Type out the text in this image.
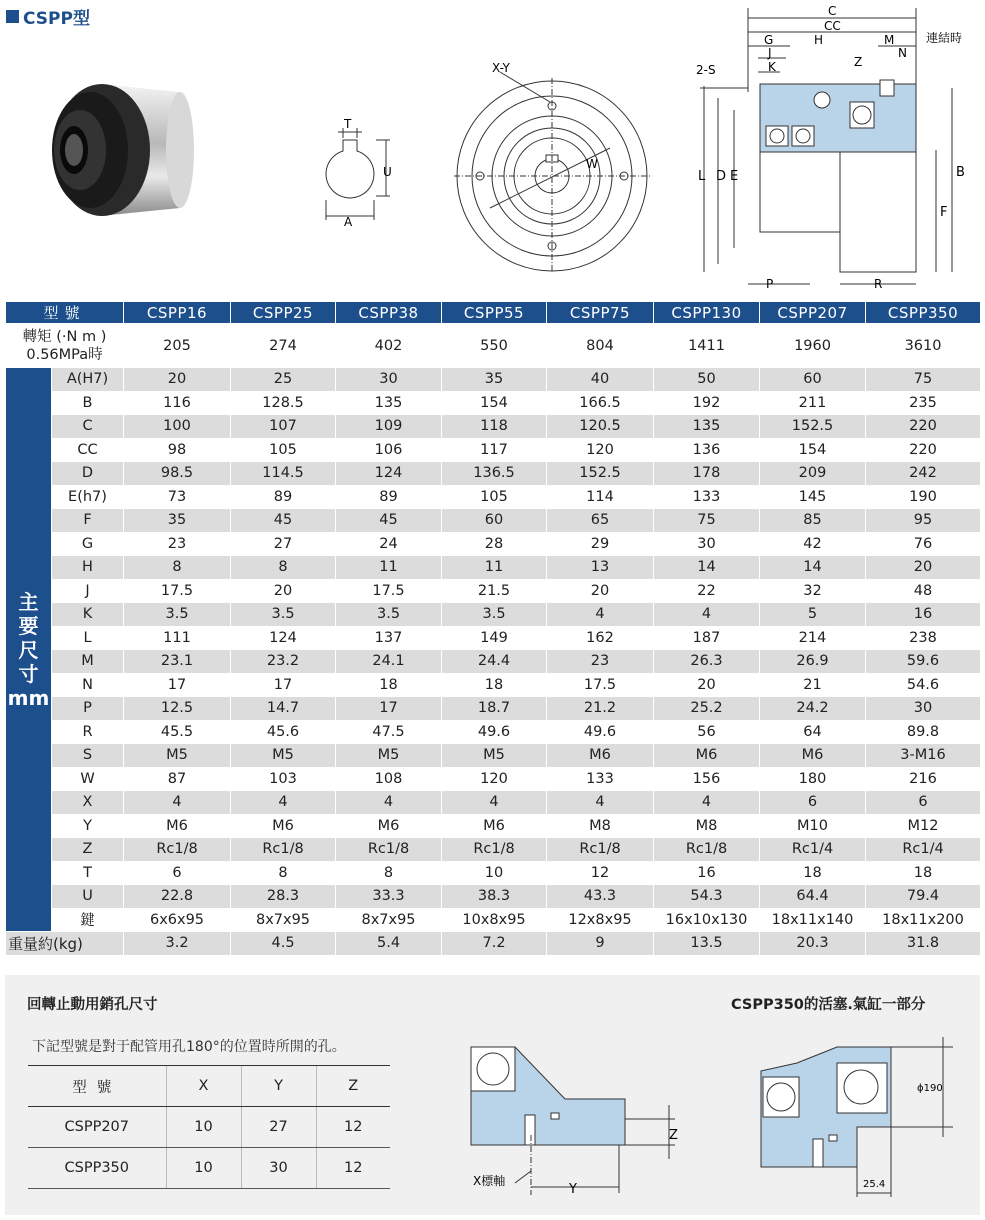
CSPP型
T
U
A
X-Y
W
C
CC
G	H
J
K
2-S
M
N
Z
連結時
L D E	B
F
P	R
型號		CSPP16	CSPP25	CSPP38	CSPP55	CSPP75	CSPP130	CSPP207	CSPP350

轉矩 (·N m )
0.56MPa時		205	274	402	550	804	1411	1960	3610

主
要
尺
寸
mm	A(H7)	20	25	30	35	40	50	60	75
	B	116	128.5	135	154	166.5	192	211	235
	C	100	107	109	118	120.5	135	152.5	220
	CC	98	105	106	117	120	136	154	220
	D	98.5	114.5	124	136.5	152.5	178	209	242
	E(h7)	73	89	89	105	114	133	145	190
	F	35	45	45	60	65	75	85	95
	G	23	27	24	28	29	30	42	76
	H	8	8	11	11	13	14	14	20
	J	17.5	20	17.5	21.5	20	22	32	48
	K	3.5	3.5	3.5	3.5	4	4	5	16
	L	111	124	137	149	162	187	214	238
	M	23.1	23.2	24.1	24.4	23	26.3	26.9	59.6
	N	17	17	18	18	17.5	20	21	54.6
	P	12.5	14.7	17	18.7	21.2	25.2	24.2	30
	R	45.5	45.6	47.5	49.6	49.6	56	64	89.8
	S	M5	M5	M5	M5	M6	M6	M6	3-M16
	W	87	103	108	120	133	156	180	216
	X	4	4	4	4	4	4	6	6
	Y	M6	M6	M6	M6	M8	M8	M10	M12
	Z	Rc1/8	Rc1/8	Rc1/8	Rc1/8	Rc1/8	Rc1/8	Rc1/4	Rc1/4
	T	6	8	8	10	12	16	18	18
	U	22.8	28.3	33.3	38.3	43.3	54.3	64.4	79.4
	鍵	6x6x95	8x7x95	8x7x95	10x8x95	12x8x95	16x10x130	18x11x140	18x11x200
重量約(kg)		3.2	4.5	5.4	7.2	9	13.5	20.3	31.8
回轉止動用銷孔尺寸	CSPP350的活塞.氣缸一部分
下記型號是對于配管用孔180°的位置時所開的孔。
型號	X	Y	Z
CSPP207	10	27	12
CSPP350	10	30	12
Z
X標軸
Y
ϕ190
25.4
